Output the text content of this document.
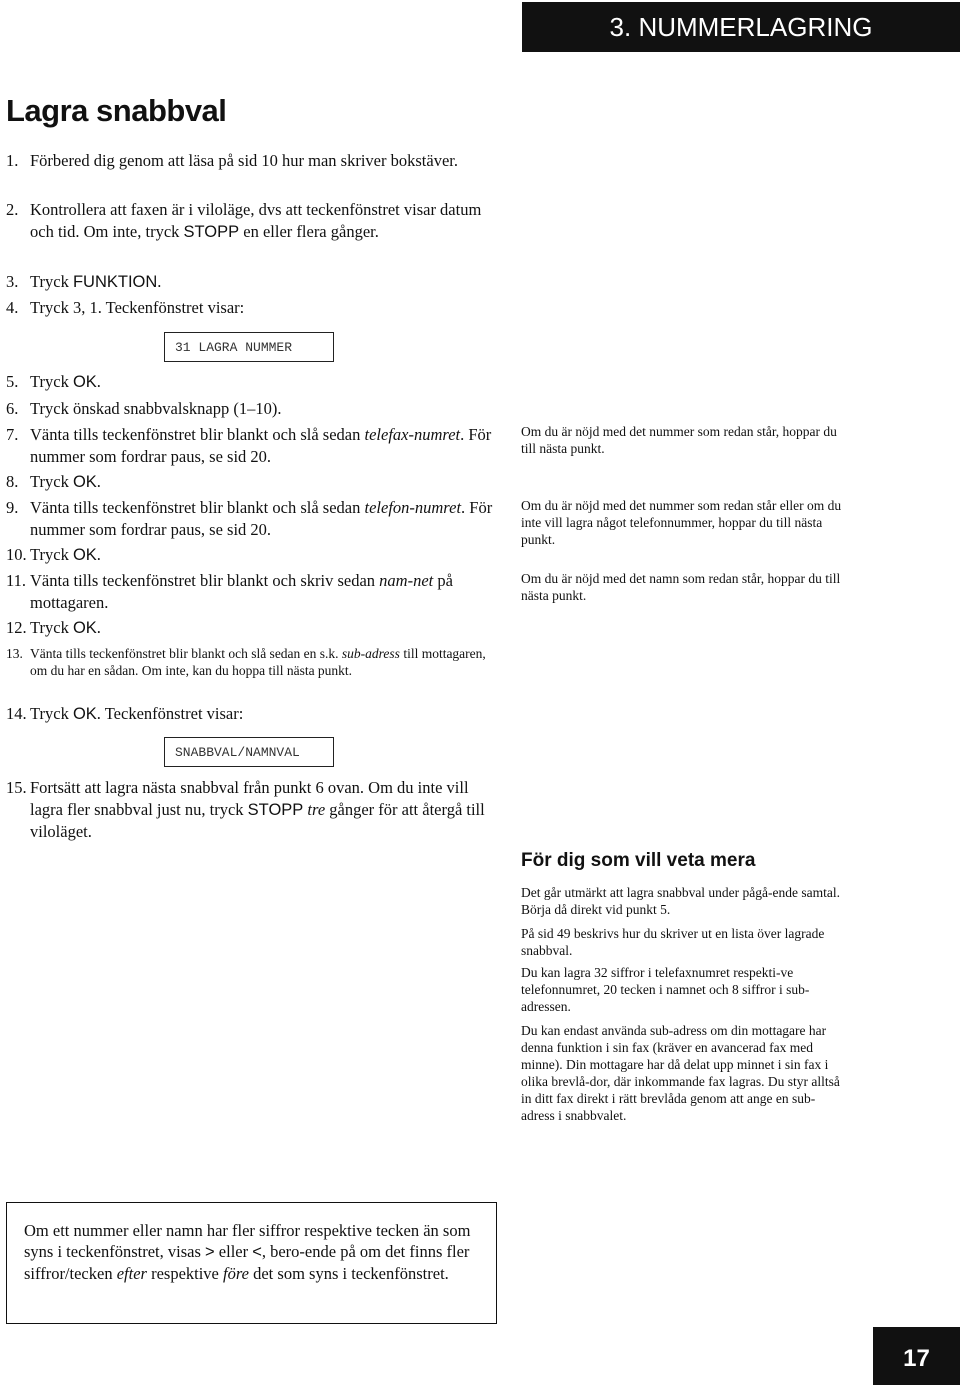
3. NUMMERLAGRING
Lagra snabbval
1. Förbered dig genom att läsa på sid 10 hur man skriver bokstäver.
2. Kontrollera att faxen är i viloläge, dvs att teckenfönstret visar datum och tid. Om inte, tryck STOPP en eller flera gånger.
3. Tryck FUNKTION.
4. Tryck 3, 1. Teckenfönstret visar:
5. Tryck OK.
6. Tryck önskad snabbvalsknapp (1–10).
7. Vänta tills teckenfönstret blir blankt och slå sedan telefax-numret. För nummer som fordrar paus, se sid 20.
8. Tryck OK.
9. Vänta tills teckenfönstret blir blankt och slå sedan telefon-numret. För nummer som fordrar paus, se sid 20.
10. Tryck OK.
11. Vänta tills teckenfönstret blir blankt och skriv sedan nam-net på mottagaren.
12. Tryck OK.
13. Vänta tills teckenfönstret blir blankt och slå sedan en s.k. sub-adress till mottagaren, om du har en sådan. Om inte, kan du hoppa till nästa punkt.
14. Tryck OK. Teckenfönstret visar:
15. Fortsätt att lagra nästa snabbval från punkt 6 ovan. Om du inte vill lagra fler snabbval just nu, tryck STOPP tre gånger för att återgå till viloläget.
31 LAGRA NUMMER
SNABBVAL/NAMNVAL
Om du är nöjd med det nummer som redan står, hoppar du till nästa punkt.
Om du är nöjd med det nummer som redan står eller om du inte vill lagra något telefonnummer, hoppar du till nästa punkt.
Om du är nöjd med det namn som redan står, hoppar du till nästa punkt.
För dig som vill veta mera

Det går utmärkt att lagra snabbval under pågå-ende samtal. Börja då direkt vid punkt 5.

På sid 49 beskrivs hur du skriver ut en lista över lagrade snabbval.

Du kan lagra 32 siffror i telefaxnumret respekti-ve telefonnumret, 20 tecken i namnet och 8 siffror i sub-adressen.

Du kan endast använda sub-adress om din mottagare har denna funktion i sin fax (kräver en avancerad fax med minne). Din mottagare har då delat upp minnet i sin fax i olika brevlå-dor, där inkommande fax lagras. Du styr alltså in ditt fax direkt i rätt brevlåda genom att ange en sub-adress i snabbvalet.

Om ett nummer eller namn har fler siffror respektive tecken än som syns i teckenfönstret, visas > eller <, bero-ende på om det finns fler siffror/tecken efter respektive före det som syns i teckenfönstret.
17
